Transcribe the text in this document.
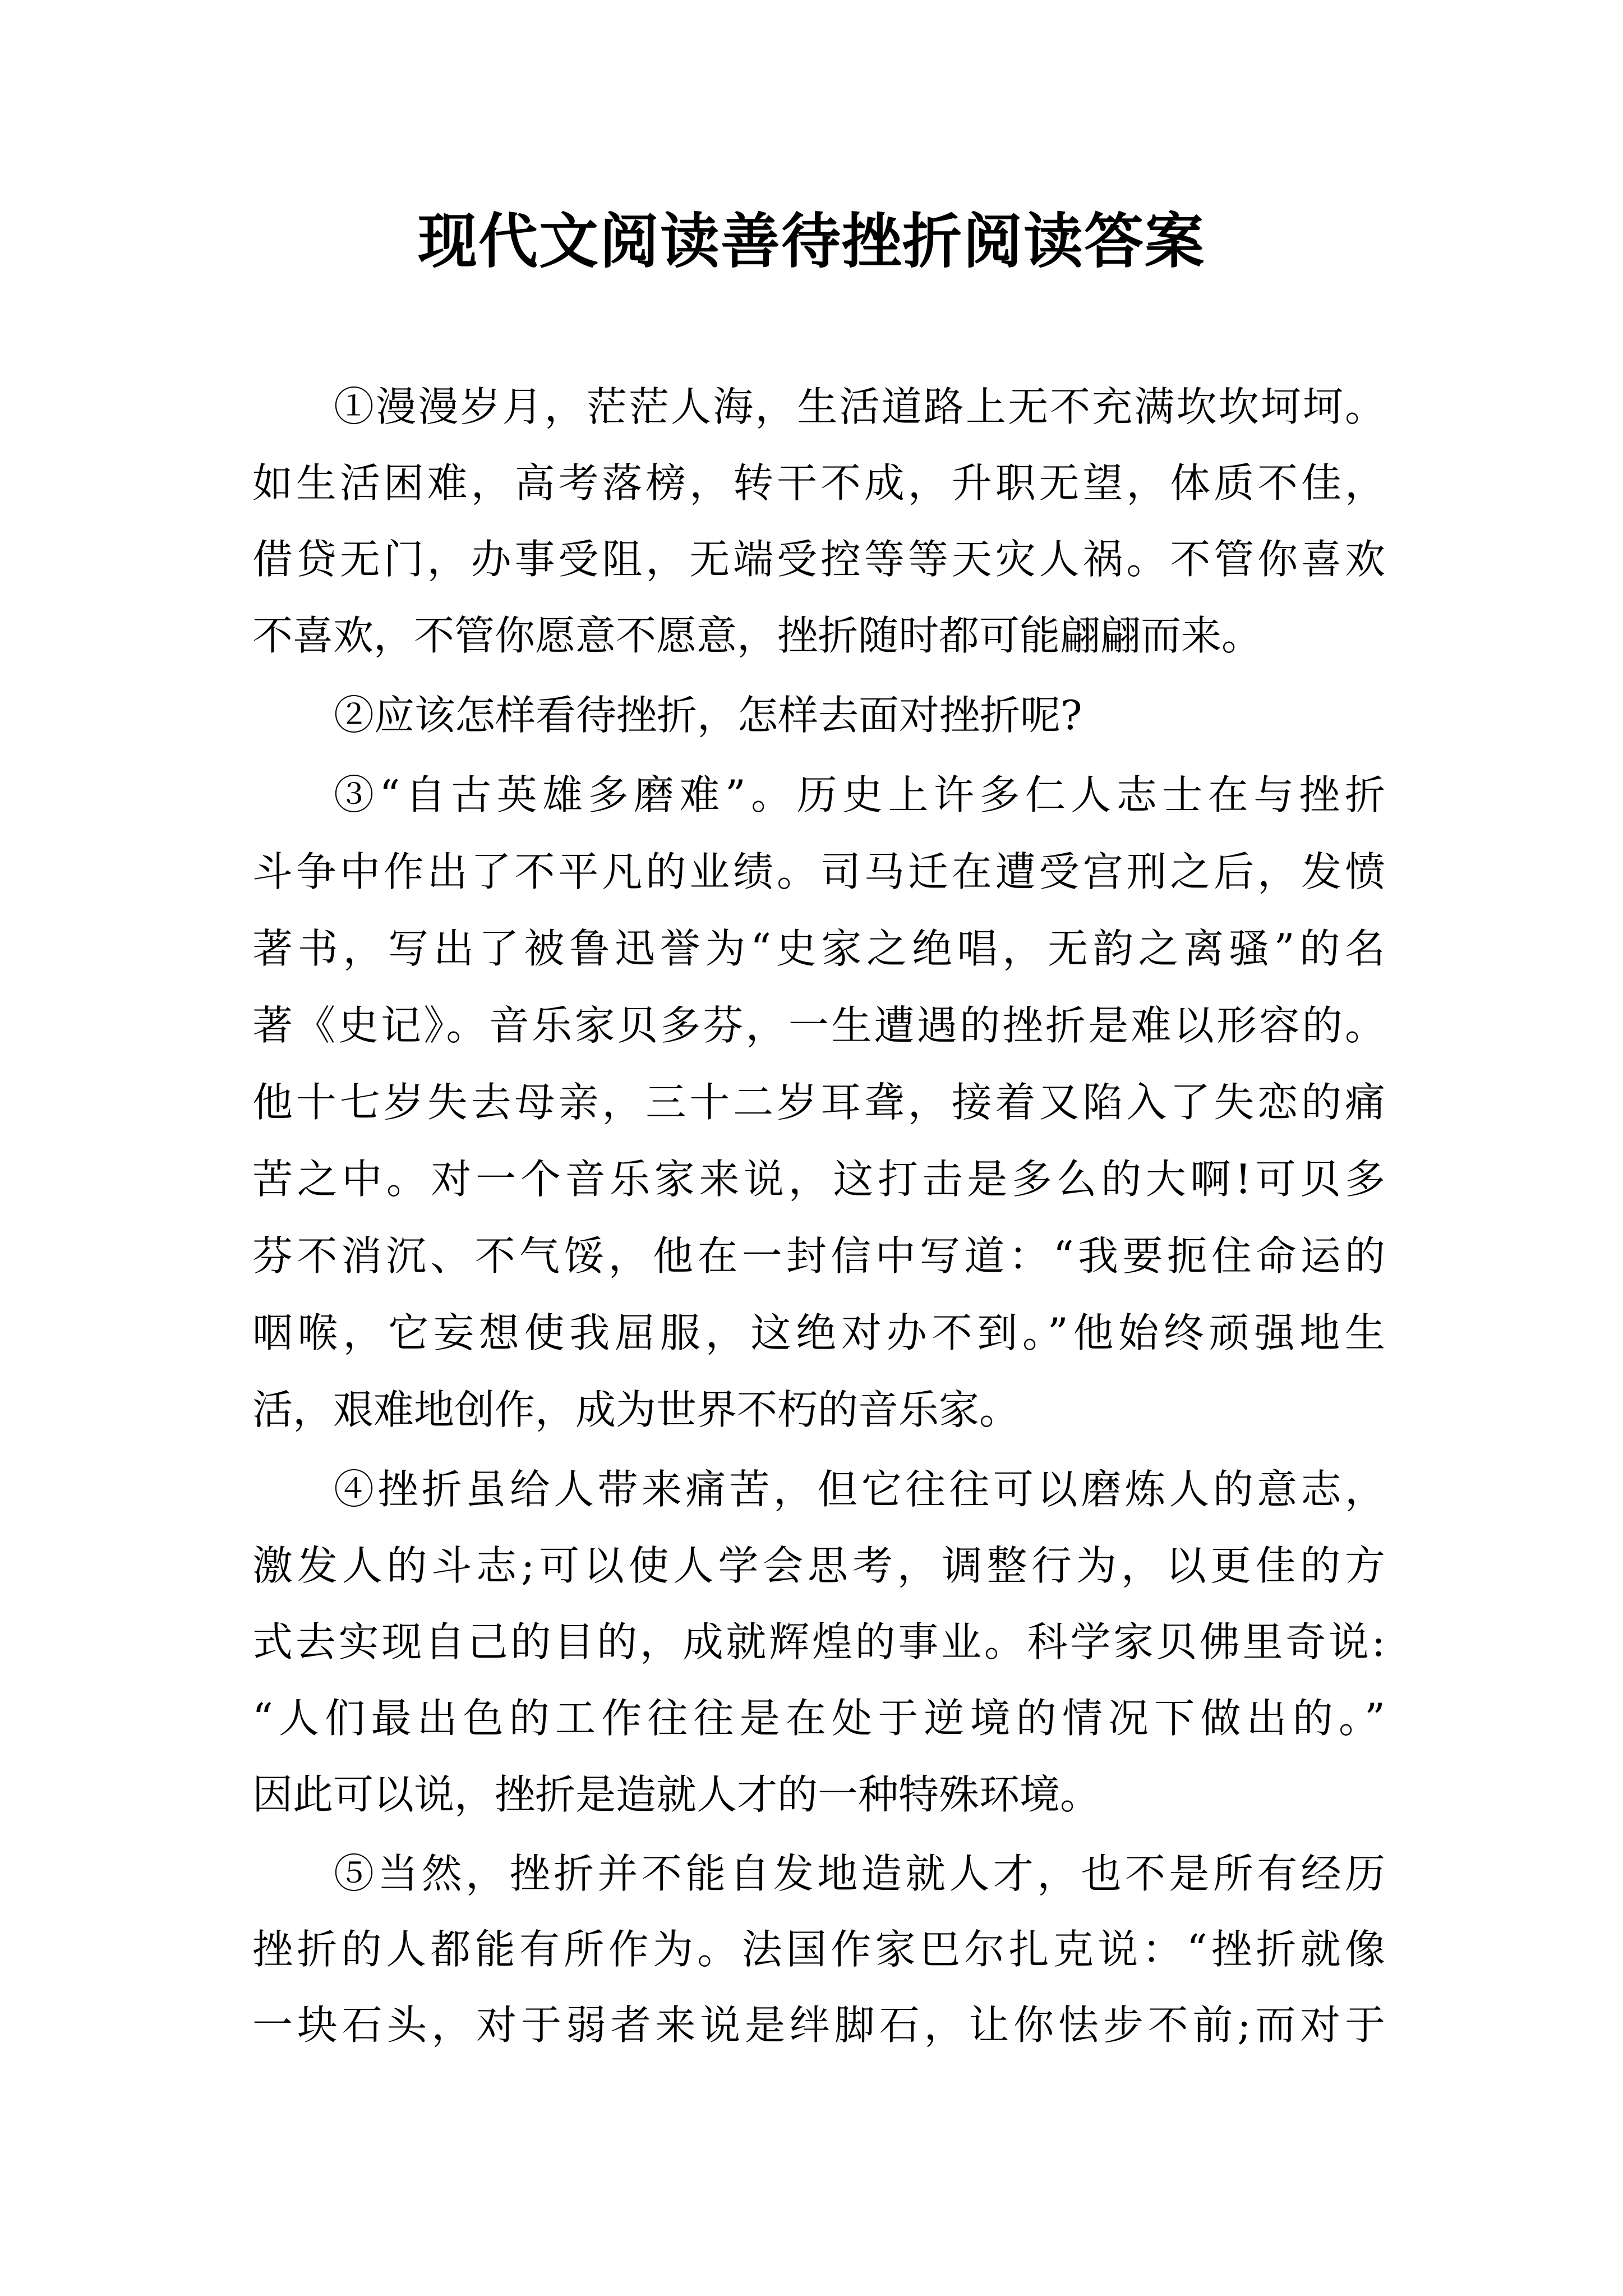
现代文阅读善待挫折阅读答案

①漫漫岁月，茫茫人海，生活道路上无不充满坎坎坷坷。

如生活困难，高考落榜，转干不成，升职无望，体质不佳，

借贷无门，办事受阻，无端受控等等天灾人祸。不管你喜欢

不喜欢，不管你愿意不愿意，挫折随时都可能翩翩而来。

②应该怎样看待挫折，怎样去面对挫折呢?

③“自古英雄多磨难”。历史上许多仁人志士在与挫折

斗争中作出了不平凡的业绩。司马迁在遭受宫刑之后，发愤

著书，写出了被鲁迅誉为“史家之绝唱，无韵之离骚”的名

著《史记》。音乐家贝多芬，一生遭遇的挫折是难以形容的。

他十七岁失去母亲，三十二岁耳聋，接着又陷入了失恋的痛

苦之中。对一个音乐家来说，这打击是多么的大啊!可贝多

芬不消沉、不气馁，他在一封信中写道：“我要扼住命运的

咽喉，它妄想使我屈服，这绝对办不到。”他始终顽强地生

活，艰难地创作，成为世界不朽的音乐家。

④挫折虽给人带来痛苦，但它往往可以磨炼人的意志，

激发人的斗志;可以使人学会思考，调整行为，以更佳的方

式去实现自己的目的，成就辉煌的事业。科学家贝佛里奇说:

“人们最出色的工作往往是在处于逆境的情况下做出的。”

因此可以说，挫折是造就人才的一种特殊环境。

⑤当然，挫折并不能自发地造就人才，也不是所有经历

挫折的人都能有所作为。法国作家巴尔扎克说：“挫折就像

一块石头，对于弱者来说是绊脚石，让你怯步不前;而对于
